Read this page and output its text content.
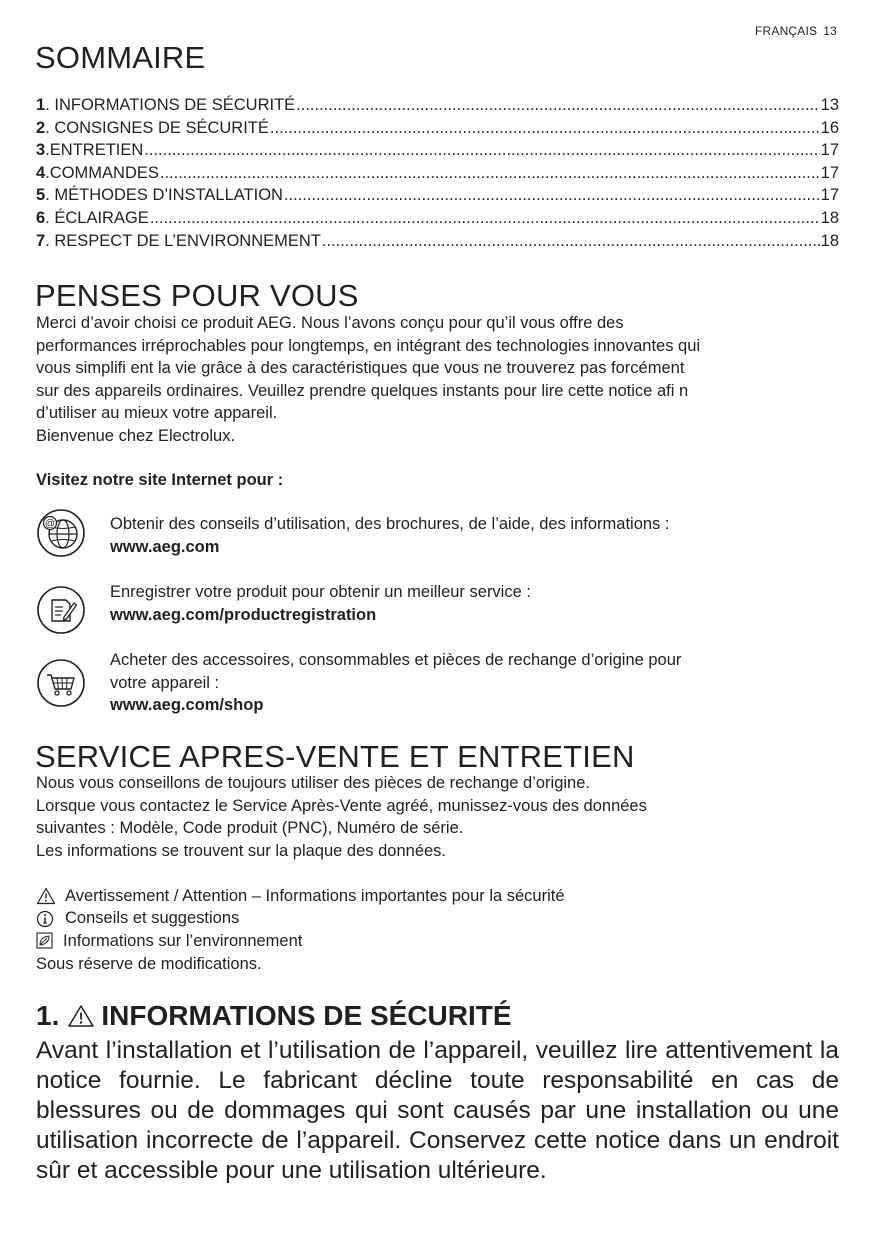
FRANÇAIS 13
SOMMAIRE
1 . INFORMATIONS DE SÉCURITÉ .....	13
2 . CONSIGNES DE SÉCURITÉ .....	16
3 . ENTRETIEN .....	17
4 . COMMANDES .....	17
5 . MÉTHODES D’INSTALLATION .....	17
6 . ÉCLAIRAGE .....	18
7 . RESPECT DE L’ENVIRONNEMENT .....	18
PENSES POUR VOUS

Merci d’avoir choisi ce produit AEG. Nous l’avons conçu pour qu’il vous offre des

performances irréprochables pour longtemps, en intégrant des technologies innovantes qui

vous simplifi ent la vie grâce à des caractéristiques que vous ne trouverez pas forcément

sur des appareils ordinaires. Veuillez prendre quelques instants pour lire cette notice afi n

d’utiliser au mieux votre appareil.

Bienvenue chez Electrolux.

Visitez notre site Internet pour :

@	Obtenir des conseils d’utilisation, des brochures, de l’aide, des informations :
www.aeg.com
Enregistrer votre produit pour obtenir un meilleur service :
www.aeg.com/productregistration
Acheter des accessoires, consommables et pièces de rechange d’origine pour
votre appareil :
www.aeg.com/shop
SERVICE APRES-VENTE ET ENTRETIEN

Nous vous conseillons de toujours utiliser des pièces de rechange d’origine.

Lorsque vous contactez le Service Après-Vente agréé, munissez-vous des données

suivantes : Modèle, Code produit (PNC), Numéro de série.

Les informations se trouvent sur la plaque des données.

Avertissement / Attention – Informations importantes pour la sécurité
Conseils et suggestions
Informations sur l’environnement

Sous réserve de modifications.

1. INFORMATIONS DE SÉCURITÉ

Avant l’installation et l’utilisation de l’appareil, veuillez lire attentivement la notice fournie. Le fabricant décline toute responsabilité en cas de blessures ou de dommages qui sont causés par une installation ou une utilisation incorrecte de l’appareil. Conservez cette notice dans un endroit sûr et accessible pour une utilisation ultérieure.
